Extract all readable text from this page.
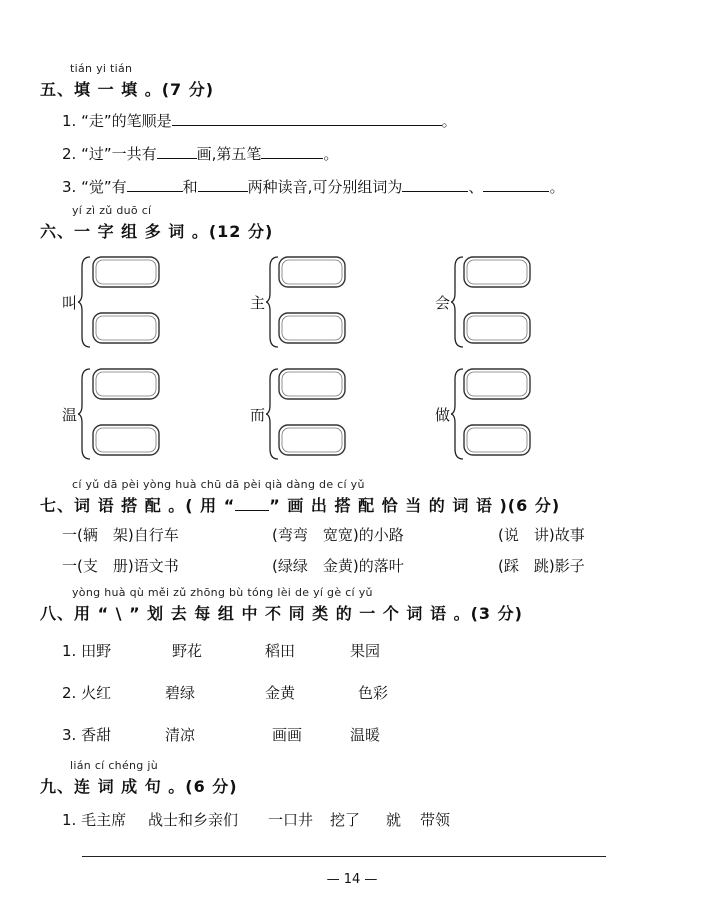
tián yi tián
五、填 一 填 。(7 分)
1. “走”的笔顺是	。
2. “过”一共有	画,第五笔	。
3. “觉”有	和	两种读音,可分别组词为	、	。
yí zì zǔ duō cí
六、一 字 组 多 词 。(12 分)
叫	主	会
温	而	做
cí yǔ dā pèi yòng huà chū dā pèi qià dàng de cí yǔ
七、词 语 搭 配 。( 用 “ ” 画 出 搭 配 恰 当 的 词 语 )(6 分)
一(辆　架)自行车	(弯弯　宽宽)的小路	(说　讲)故事
一(支　册)语文书	(绿绿　金黄)的落叶	(踩　跳)影子
yòng huà qù měi zǔ zhōng bù tóng lèi de yí gè cí yǔ
八、用 “ \ ” 划 去 每 组 中 不 同 类 的 一 个 词 语 。(3 分)
1. 田野	野花	稻田	果园
2. 火红	碧绿	金黄	色彩
3. 香甜	清凉	画画	温暖
lián cí chéng jù
九、连 词 成 句 。(6 分)
1. 毛主席 战士和乡亲们 一口井 挖了 就 带领
— 14 —
